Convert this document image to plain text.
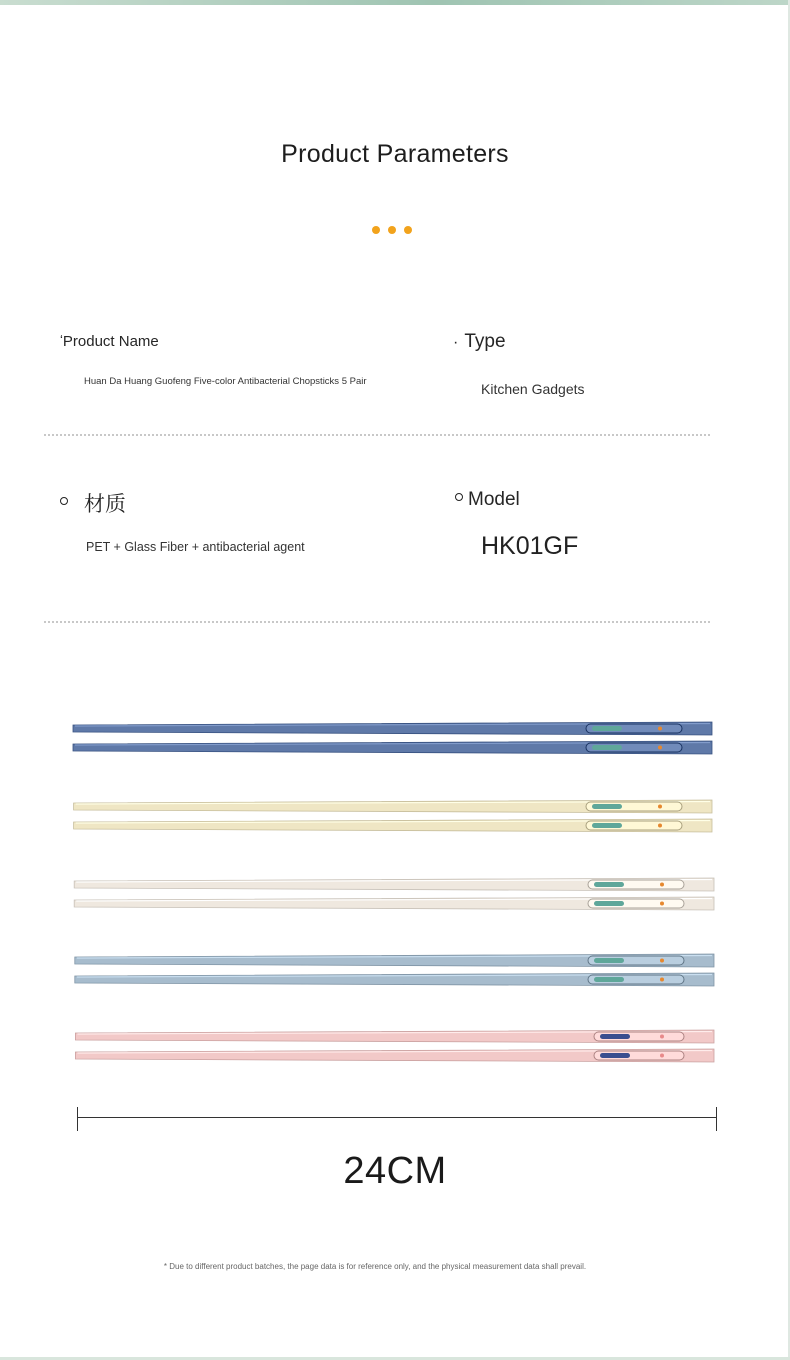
Product Parameters
‘Product Name
Huan Da Huang Guofeng Five-color Antibacterial Chopsticks 5 Pair
· Type
Kitchen Gadgets
材质
PET + Glass Fiber + antibacterial agent
Model
HK01GF
24CM
* Due to different product batches, the page data is for reference only, and the physical measurement data shall prevail.
